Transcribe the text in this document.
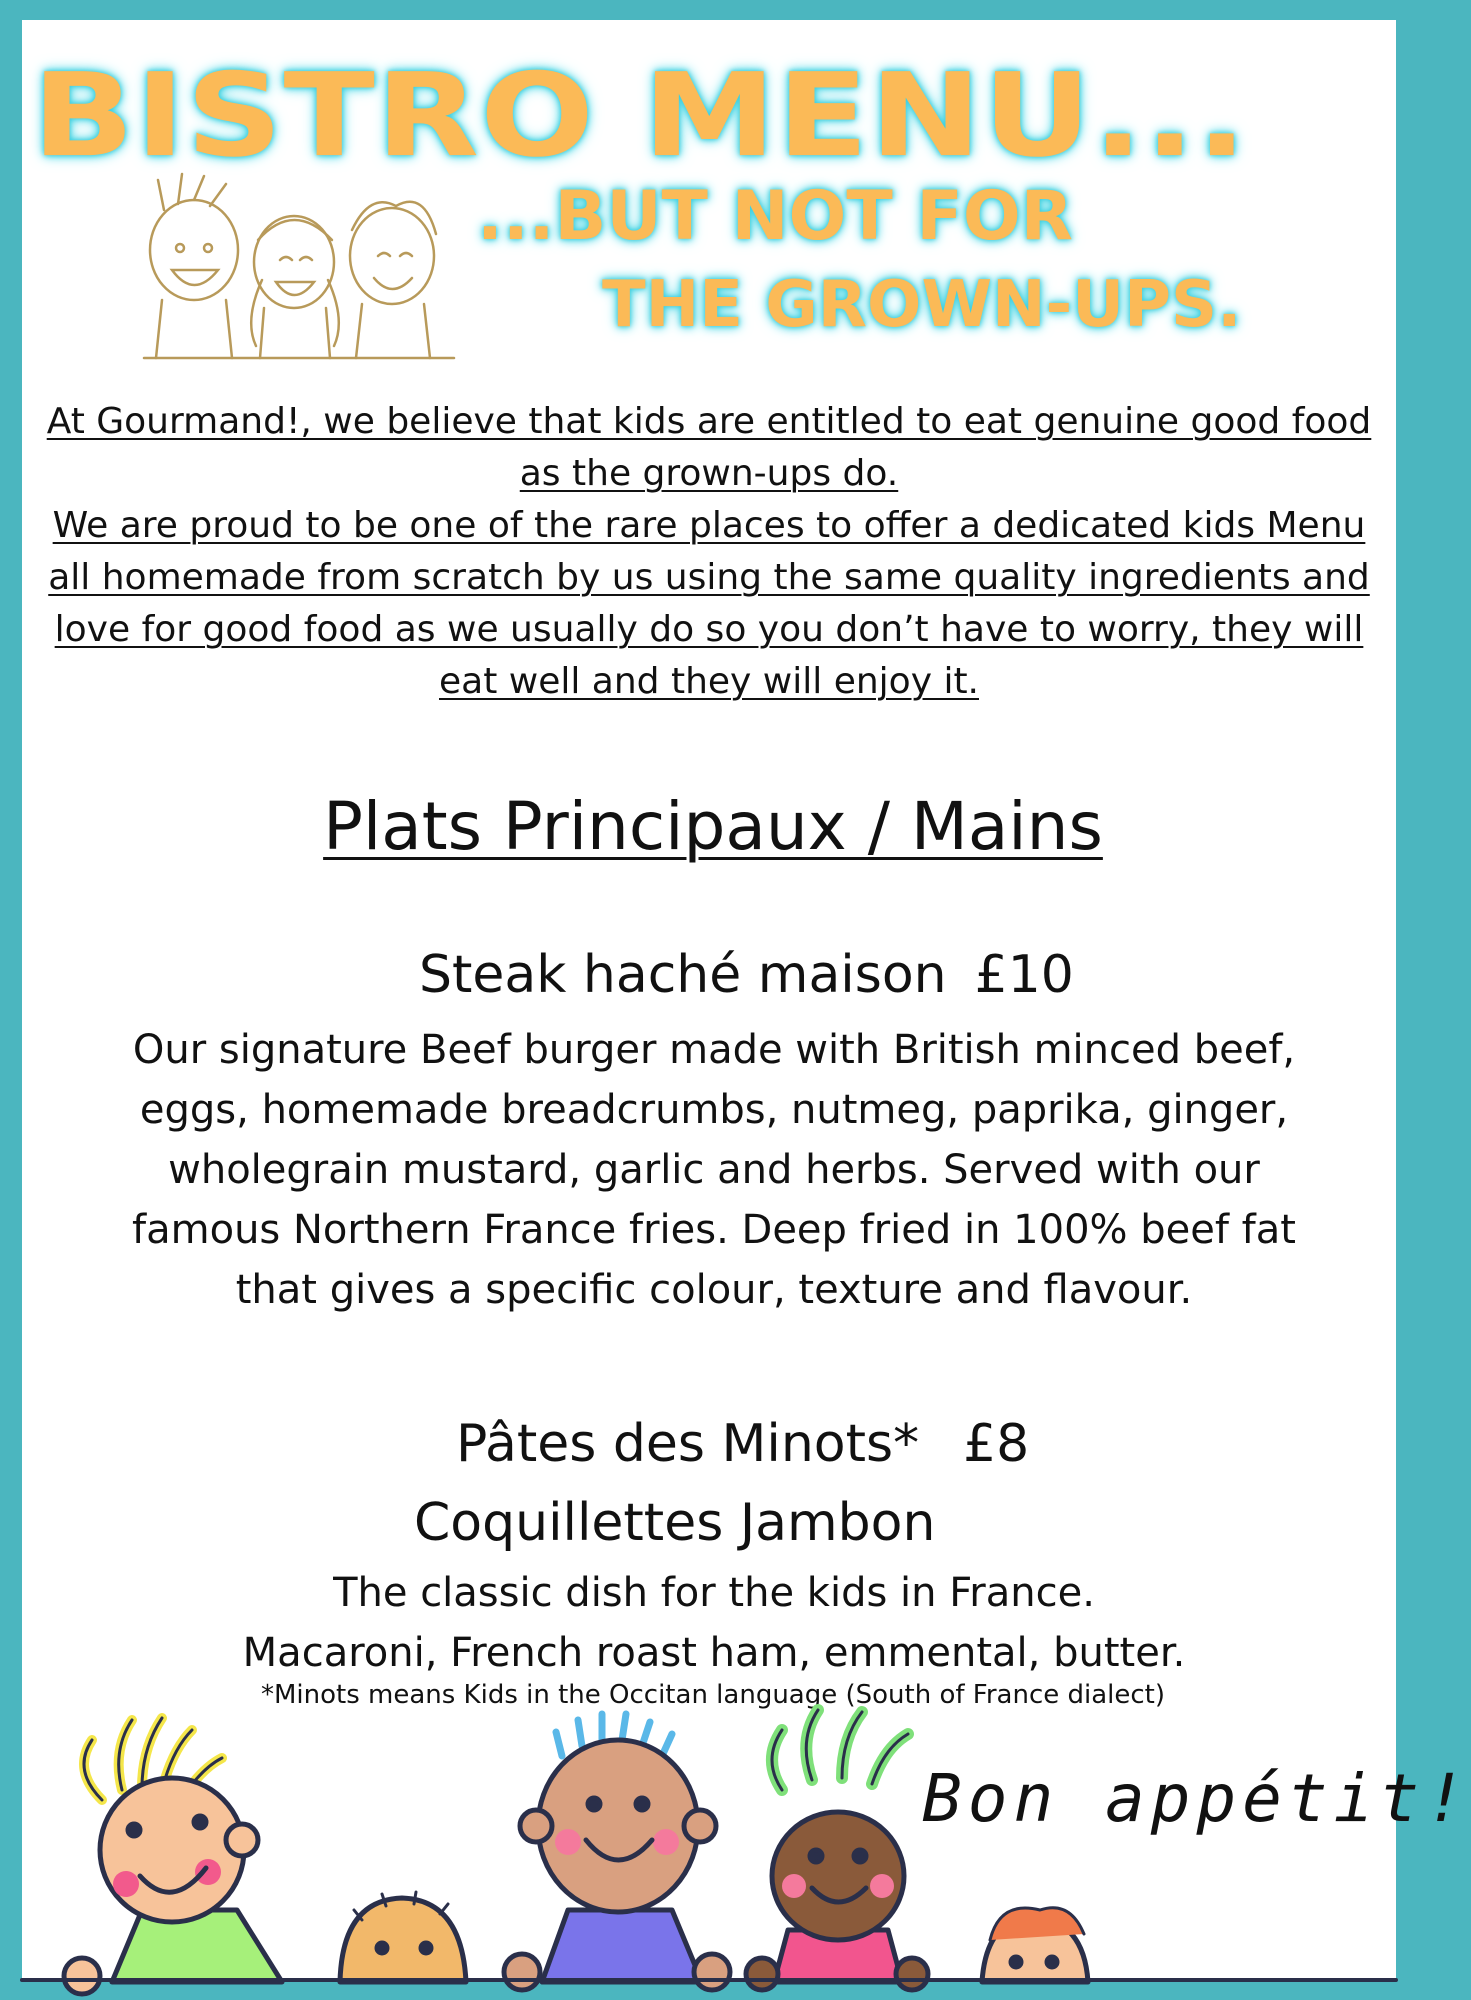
BISTRO MENU...
...BUT NOT FOR
THE GROWN-UPS.

At Gourmand!, we believe that kids are entitled to eat genuine good food as the grown-ups do.

We are proud to be one of the rare places to offer a dedicated kids Menu all homemade from scratch by us using the same quality ingredients and love for good food as we usually do so you don’t have to worry, they will eat well and they will enjoy it.

Plats Principaux / Mains
Steak haché maison £10
Our signature Beef burger made with British minced beef, eggs, homemade breadcrumbs, nutmeg, paprika, ginger, wholegrain mustard, garlic and herbs. Served with our famous Northern France fries. Deep fried in 100% beef fat that gives a specific colour, texture and flavour.
Pâtes des Minots* £8
Coquillettes Jambon
The classic dish for the kids in France.
Macaroni, French roast ham, emmental, butter.
*Minots means Kids in the Occitan language (South of France dialect)
Bon appétit!
